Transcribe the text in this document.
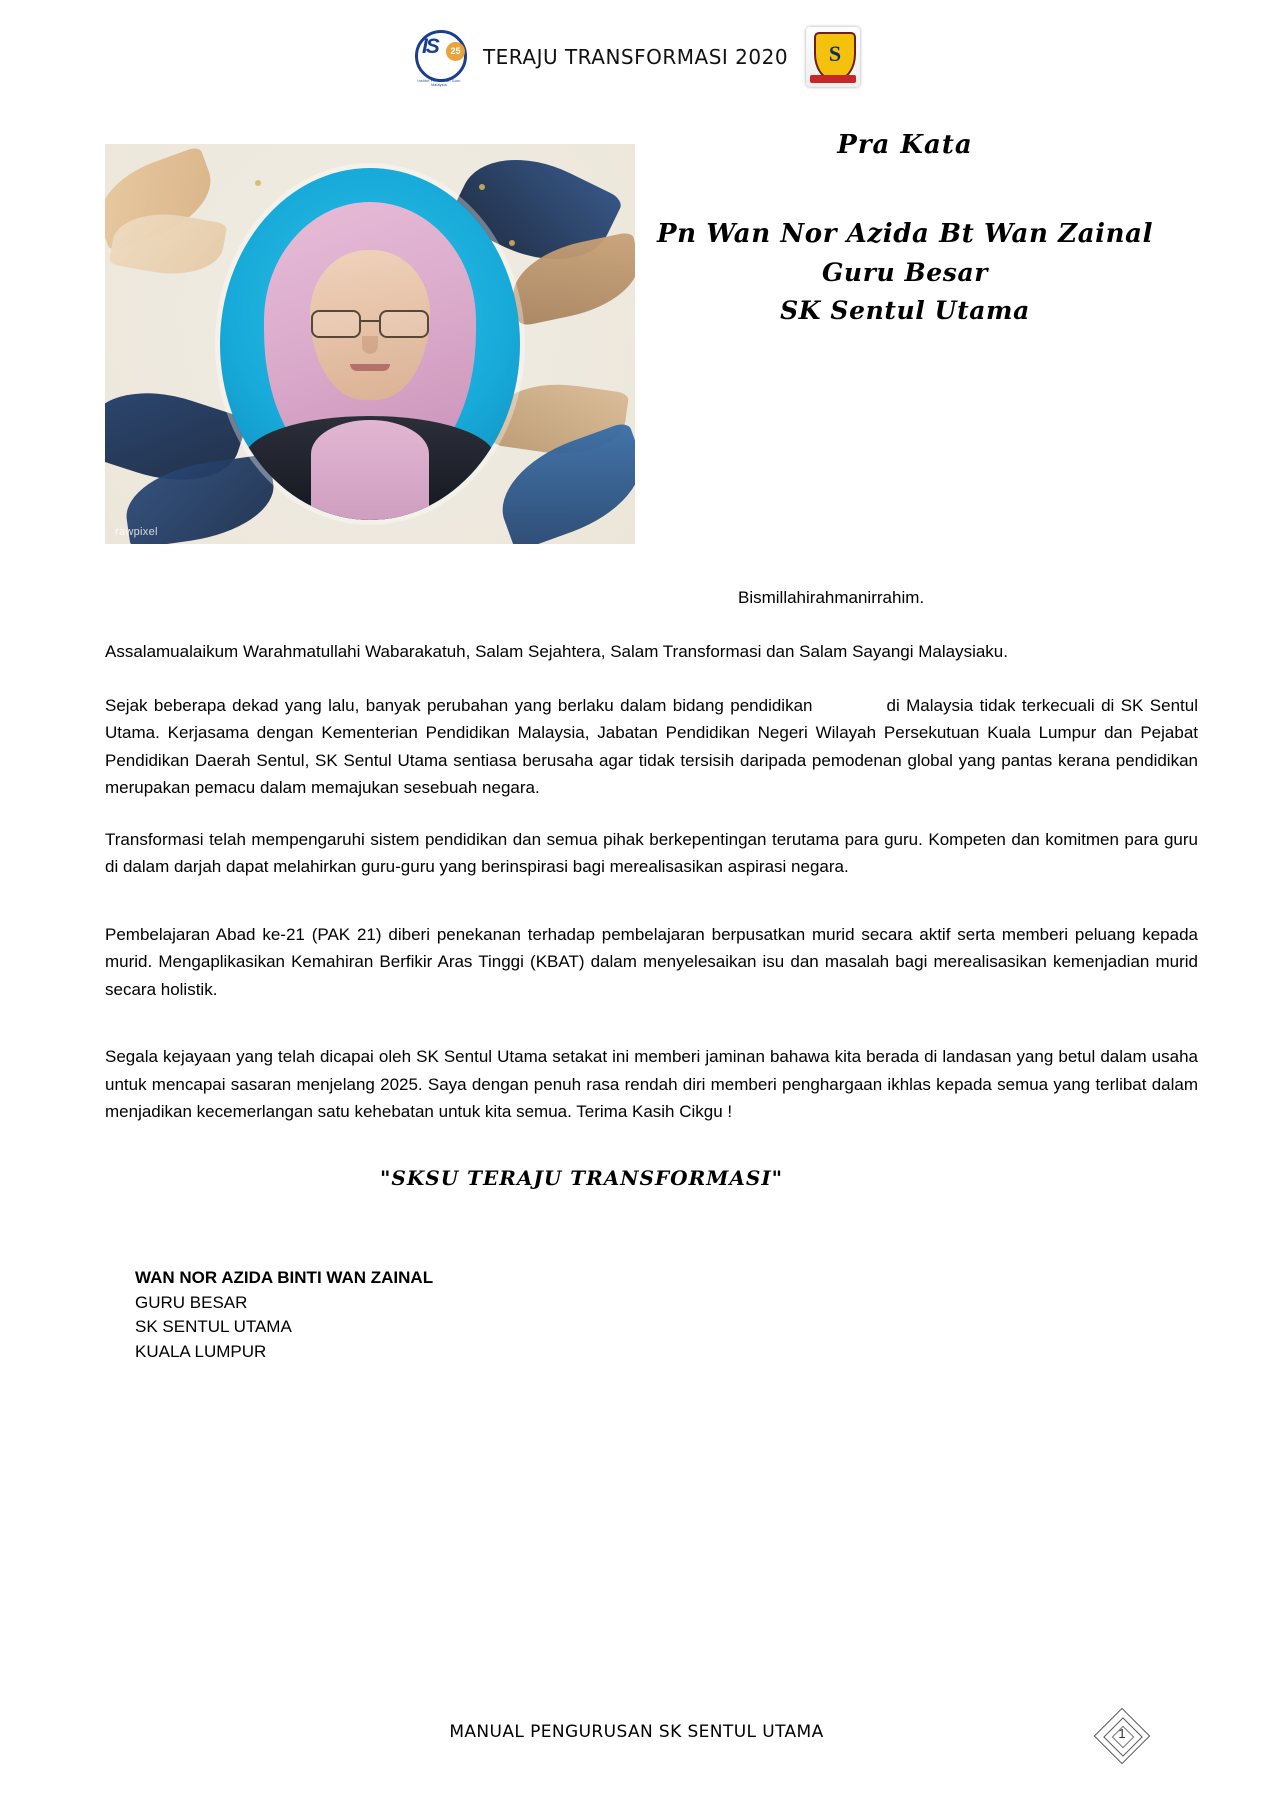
IS	25
Institut Pendidikan Guru Malaysia
TERAJU TRANSFORMASI 2020
S
rawpixel
Pra Kata
Pn Wan Nor Azida Bt Wan Zainal
Guru Besar
SK Sentul Utama
Bismillahirahmanirrahim.

Assalamualaikum Warahmatullahi Wabarakatuh, Salam Sejahtera, Salam Transformasi dan Salam Sayangi Malaysiaku.

Sejak beberapa dekad yang lalu, banyak perubahan yang berlaku dalam bidang pendidikan	di Malaysia tidak terkecuali di SK Sentul Utama. Kerjasama dengan Kementerian Pendidikan Malaysia, Jabatan Pendidikan Negeri Wilayah Persekutuan Kuala Lumpur dan Pejabat Pendidikan Daerah Sentul, SK Sentul Utama sentiasa berusaha agar tidak tersisih daripada pemodenan global yang pantas kerana pendidikan merupakan pemacu dalam memajukan sesebuah negara.

Transformasi telah mempengaruhi sistem pendidikan dan semua pihak berkepentingan terutama para guru. Kompeten dan komitmen para guru di dalam darjah dapat melahirkan guru-guru yang berinspirasi bagi merealisasikan aspirasi negara.

Pembelajaran Abad ke-21 (PAK 21) diberi penekanan terhadap pembelajaran berpusatkan murid secara aktif serta memberi peluang kepada murid. Mengaplikasikan Kemahiran Berfikir Aras Tinggi (KBAT) dalam menyelesaikan isu dan masalah bagi merealisasikan kemenjadian murid secara holistik.

Segala kejayaan yang telah dicapai oleh SK Sentul Utama setakat ini memberi jaminan bahawa kita berada di landasan yang betul dalam usaha untuk mencapai sasaran menjelang 2025. Saya dengan penuh rasa rendah diri memberi penghargaan ikhlas kepada semua yang terlibat dalam menjadikan kecemerlangan satu kehebatan untuk kita semua. Terima Kasih Cikgu !

"SKSU TERAJU TRANSFORMASI"
WAN NOR AZIDA BINTI WAN ZAINAL
GURU BESAR
SK SENTUL UTAMA
KUALA LUMPUR
MANUAL PENGURUSAN SK SENTUL UTAMA	1
